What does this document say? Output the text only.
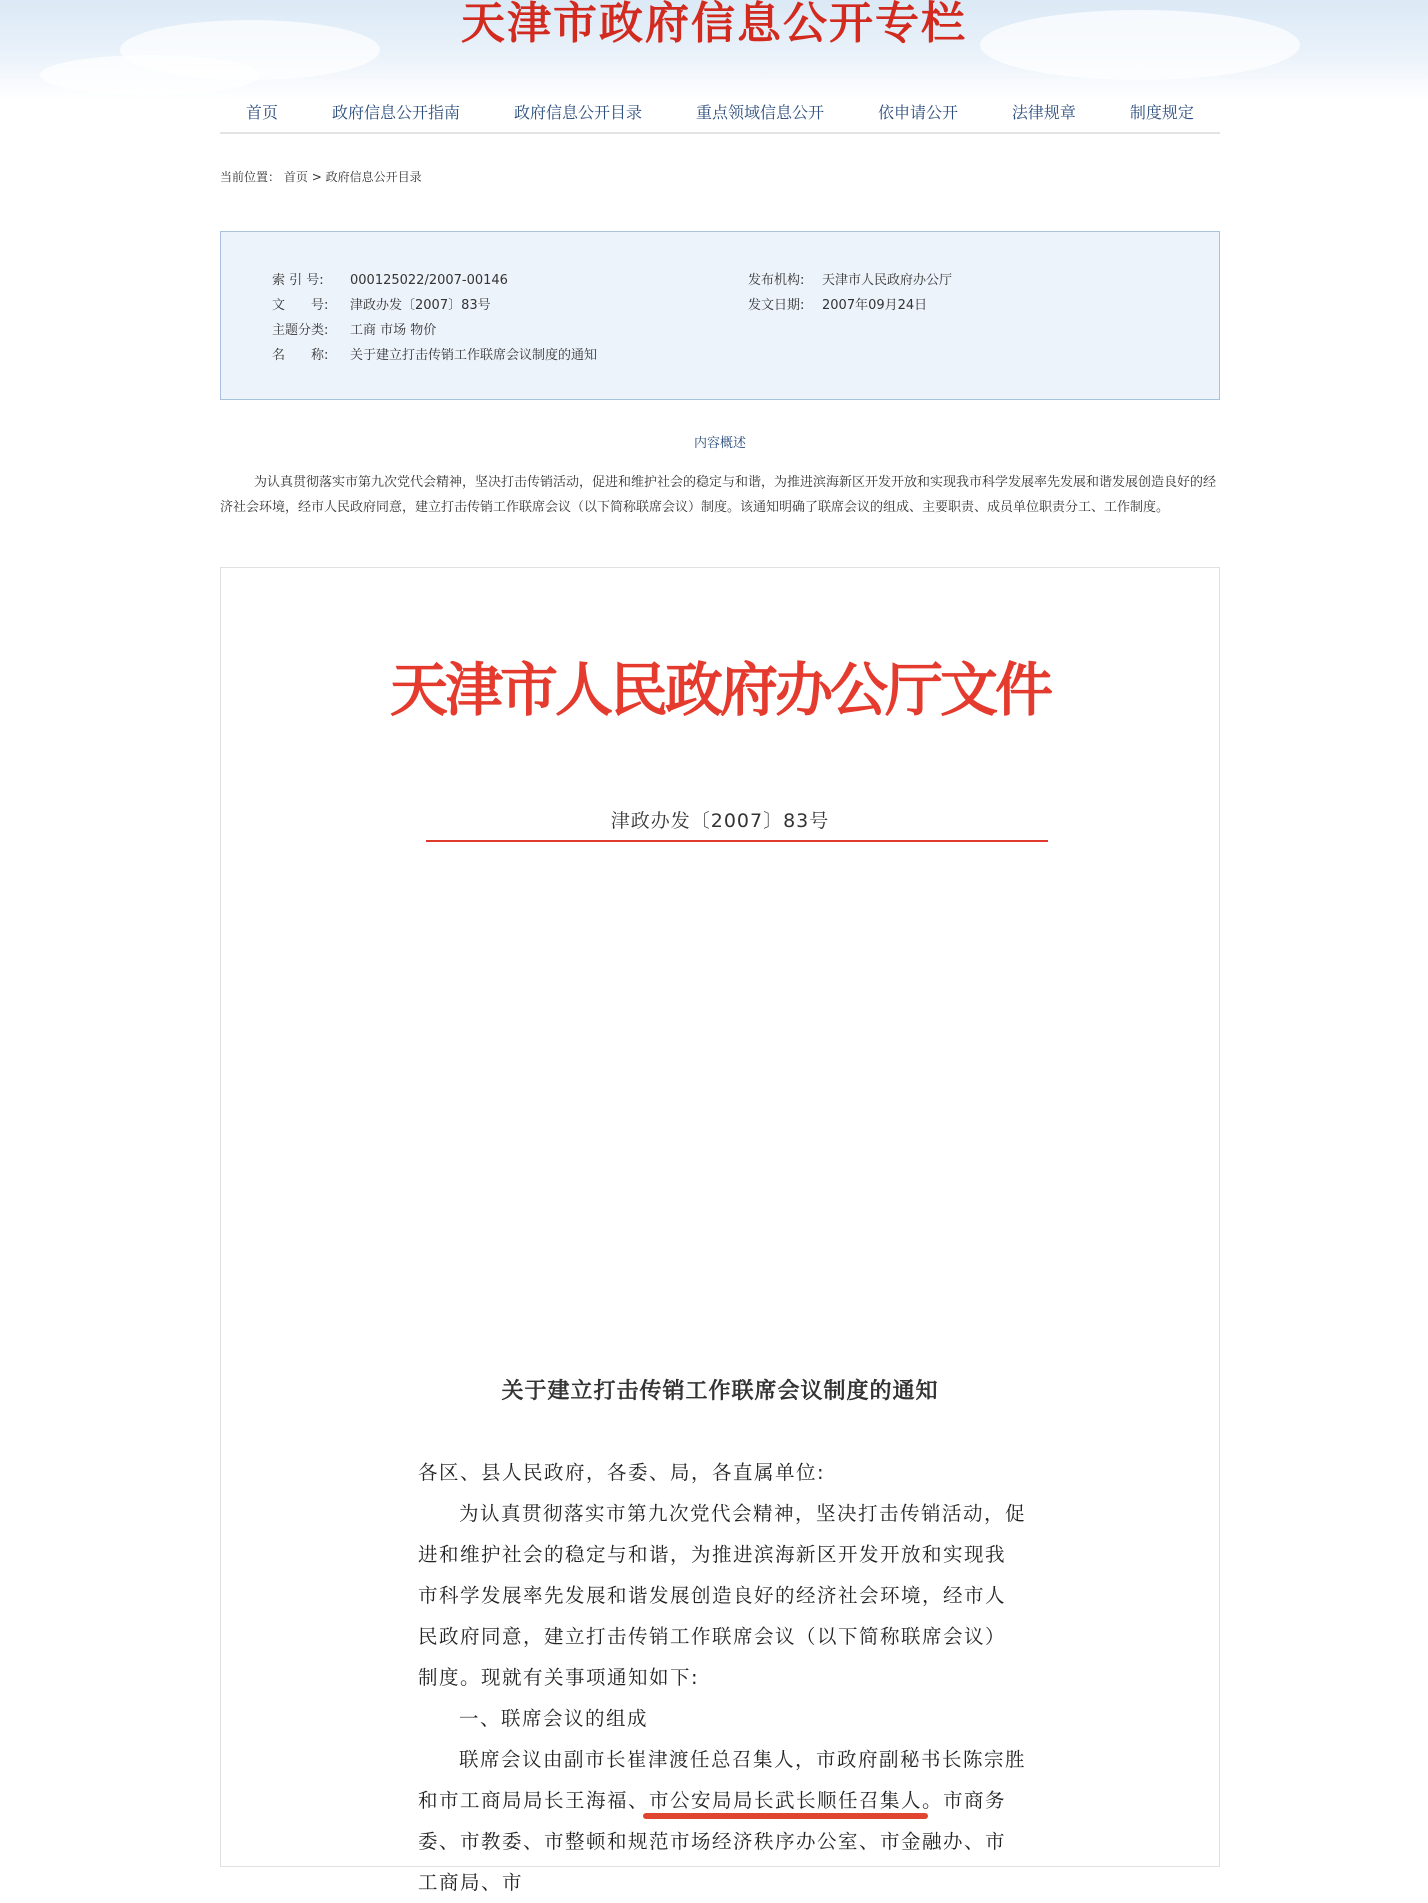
天津市政府信息公开专栏
首页	政府信息公开指南	政府信息公开目录	重点领域信息公开	依申请公开	法律规章	制度规定
当前位置： 首页 > 政府信息公开目录
索 引 号: 000125022/2007-00146
文　　号: 津政办发〔2007〕83号
主题分类: 工商 市场 物价
名　　称: 关于建立打击传销工作联席会议制度的通知
发布机构: 天津市人民政府办公厅
发文日期: 2007年09月24日
内容概述
为认真贯彻落实市第九次党代会精神，坚决打击传销活动，促进和维护社会的稳定与和谐，为推进滨海新区开发开放和实现我市科学发展率先发展和谐发展创造良好的经济社会环境，经市人民政府同意，建立打击传销工作联席会议（以下简称联席会议）制度。该通知明确了联席会议的组成、主要职责、成员单位职责分工、工作制度。
天津市人民政府办公厅文件
津政办发〔2007〕83号
关于建立打击传销工作联席会议制度的通知

各区、县人民政府，各委、局，各直属单位:

为认真贯彻落实市第九次党代会精神，坚决打击传销活动，促进和维护社会的稳定与和谐，为推进滨海新区开发开放和实现我市科学发展率先发展和谐发展创造良好的经济社会环境，经市人民政府同意，建立打击传销工作联席会议（以下简称联席会议）制度。现就有关事项通知如下:

一、联席会议的组成

联席会议由副市长崔津渡任总召集人，市政府副秘书长陈宗胜和市工商局局长王海福、市公安局局长武长顺任召集人。市商务委、市教委、市整顿和规范市场经济秩序办公室、市金融办、市工商局、市
